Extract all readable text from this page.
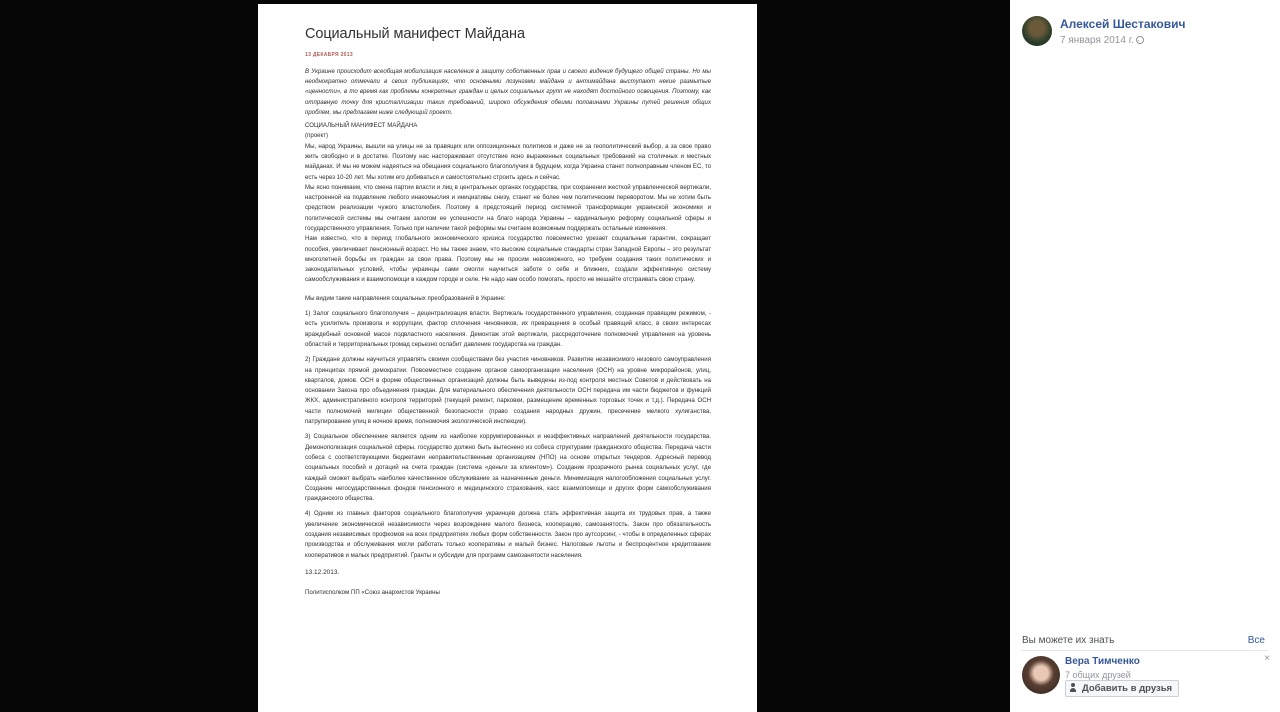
Социальный манифест Майдана
13 ДЕКАБРЯ 2013

В Украине происходит всеобщая мобилизация населения в защиту собственных прав и своего видения будущего общей страны. Но мы неоднократно отмечали в своих публикациях, что основными лозунгами майдана и антимайдана выступают некие размытые «ценности», в то время как проблемы конкретных граждан и целых социальных групп не находят достойного освещения. Поэтому, как отправную точку для кристаллизации таких требований, широко обсуждения обеими половинами Украины путей решения общих проблем, мы предлагаем ниже следующий проект.

СОЦИАЛЬНЫЙ МАНИФЕСТ МАЙДАНА

(проект)

Мы, народ Украины, вышли на улицы не за правящих или оппозиционных политиков и даже не за геополитический выбор, а за свое право жить свободно и в достатке. Поэтому нас настораживает отсутствие ясно выраженных социальных требований на столичных и местных майданах. И мы не можем надеяться на обещания социального благополучия в будущем, когда Украина станет полноправным членом ЕС, то есть через 10-20 лет. Мы хотим его добиваться и самостоятельно строить здесь и сейчас.

Мы ясно понимаем, что смена партии власти и лиц в центральных органах государства, при сохранении жесткой управленческой вертикали, настроенной на подавление любого инакомыслия и инициативы снизу, станет не более чем политическим переворотом. Мы не хотим быть средством реализации чужого властолюбия. Поэтому в предстоящий период системной трансформации украинской экономики и политической системы мы считаем залогом ее успешности на благо народа Украины – кардинальную реформу социальной сферы и государственного управления. Только при наличии такой реформы мы считаем возможным поддержать остальные изменения.

Нам известно, что в период глобального экономического кризиса государство повсеместно урезает социальные гарантии, сокращает пособия, увеличивает пенсионный возраст. Но мы также знаем, что высокие социальные стандарты стран Западной Европы – это результат многолетней борьбы их граждан за свои права. Поэтому мы не просим невозможного, но требуем создания таких политических и законодательных условий, чтобы украинцы сами смогли научиться заботе о себе и ближних, создали эффективную систему самообслуживания и взаимопомощи в каждом городе и селе. Не надо нам особо помогать, просто не мешайте отстраивать свою страну.

Мы видим такие направления социальных преобразований в Украине:

1) Залог социального благополучия – децентрализация власти. Вертикаль государственного управления, созданная правящим режимом, - есть усилитель произвола и коррупции, фактор сплочения чиновников, их превращения в особый правящий класс, в своих интересах враждебный основной массе подвластного населения. Демонтаж этой вертикали, рассредоточение полномочий управления на уровень областей и территориальных громад серьезно ослабит давление государства на граждан.

2) Граждане должны научиться управлять своими сообществами без участия чиновников. Развитие независимого низового самоуправления на принципах прямой демократии. Повсеместное создание органов самоорганизации населения (ОСН) на уровне микрорайонов, улиц, кварталов, домов. ОСН в форме общественных организаций должны быть выведены из-под контроля местных Советов и действовать на основании Закона про объединения граждан. Для материального обеспечения деятельности ОСН передача им части бюджетов и функций ЖКХ, административного контроля территорий (текущий ремонт, парковки, размещение временных торговых точек и т.д.). Передача ОСН части полномочий милиции общественной безопасности (право создания народных дружин, пресечение мелкого хулиганства, патрулирование улиц в ночное время, полномочия экологической инспекции).

3) Социальное обеспечение является одним из наиболее коррумпированных и неэффективных направлений деятельности государства. Демонополизация социальной сферы, государство должно быть вытеснено из собеса структурами гражданского общества. Передача части собеса с соответствующими бюджетами неправительственным организациям (НПО) на основе открытых тендеров. Адресный перевод социальных пособий и дотаций на счета граждан (система «деньги за клиентом»). Создание прозрачного рынка социальных услуг, где каждый сможет выбрать наиболее качественное обслуживание за назначенные деньги. Минимизация налогообложения социальных услуг. Создание негосударственных фондов пенсионного и медицинского страхования, касс взаимопомощи и других форм самообслуживания гражданского общества.

4) Одним из главных факторов социального благополучия украинцев должна стать эффективная защита их трудовых прав, а также увеличение экономической независимости через возрождение малого бизнеса, кооперацию, самозанятость. Закон про обязательность создания независимых профкомов на всех предприятиях любых форм собственности. Закон про аутсорсинг, - чтобы в определенных сферах производства и обслуживания могли работать только кооперативы и малый бизнес. Налоговые льготы и беспроцентное кредитование кооперативов и малых предприятий. Гранты и субсидии для программ самозанятости населения.

13.12.2013.

Политисполком ПП «Союз анархистов Украины

Алексей Шестакович
7 января 2014 г. ·
Вы можете их знать	Все
Вера Тимченко
7 общих друзей
Добавить в друзья
×
